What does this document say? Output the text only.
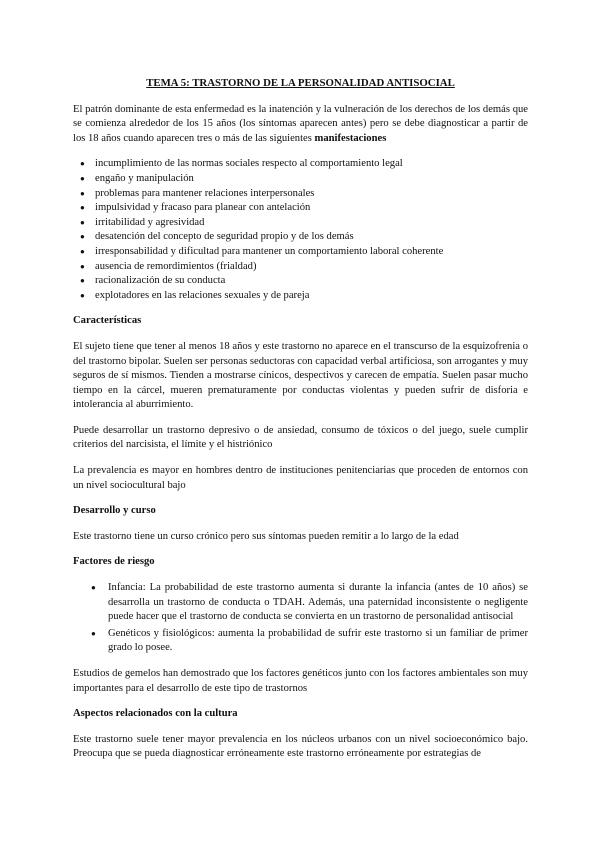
TEMA 5: TRASTORNO DE LA PERSONALIDAD ANTISOCIAL

El patrón dominante de esta enfermedad es la inatención y la vulneración de los derechos de los demás que se comienza alrededor de los 15 años (los síntomas aparecen antes) pero se debe diagnosticar a partir de los 18 años cuando aparecen tres o más de las siguientes manifestaciones

● incumplimiento de las normas sociales respecto al comportamiento legal
● engaño y manipulación
● problemas para mantener relaciones interpersonales
● impulsividad y fracaso para planear con antelación
● irritabilidad y agresividad
● desatención del concepto de seguridad propio y de los demás
● irresponsabilidad y dificultad para mantener un comportamiento laboral coherente
● ausencia de remordimientos (frialdad)
● racionalización de su conducta
● explotadores en las relaciones sexuales y de pareja
Características

El sujeto tiene que tener al menos 18 años y este trastorno no aparece en el transcurso de la esquizofrenia o del trastorno bipolar. Suelen ser personas seductoras con capacidad verbal artificiosa, son arrogantes y muy seguros de sí mismos. Tienden a mostrarse cínicos, despectivos y carecen de empatía. Suelen pasar mucho tiempo en la cárcel, mueren prematuramente por conductas violentas y pueden sufrir de disforia e intolerancia al aburrimiento.

Puede desarrollar un trastorno depresivo o de ansiedad, consumo de tóxicos o del juego, suele cumplir criterios del narcisista, el límite y el histriónico

La prevalencia es mayor en hombres dentro de instituciones penitenciarias que proceden de entornos con un nivel sociocultural bajo

Desarrollo y curso

Este trastorno tiene un curso crónico pero sus síntomas pueden remitir a lo largo de la edad

Factores de riesgo
● Infancia: La probabilidad de este trastorno aumenta si durante la infancia (antes de 10 años) se desarrolla un trastorno de conducta o TDAH. Además, una paternidad inconsistente o negligente puede hacer que el trastorno de conducta se convierta en un trastorno de personalidad antisocial
● Genéticos y fisiológicos: aumenta la probabilidad de sufrir este trastorno si un familiar de primer grado lo posee.

Estudios de gemelos han demostrado que los factores genéticos junto con los factores ambientales son muy importantes para el desarrollo de este tipo de trastornos

Aspectos relacionados con la cultura

Este trastorno suele tener mayor prevalencia en los núcleos urbanos con un nivel socioeconómico bajo. Preocupa que se pueda diagnosticar erróneamente este trastorno erróneamente por estrategias de
